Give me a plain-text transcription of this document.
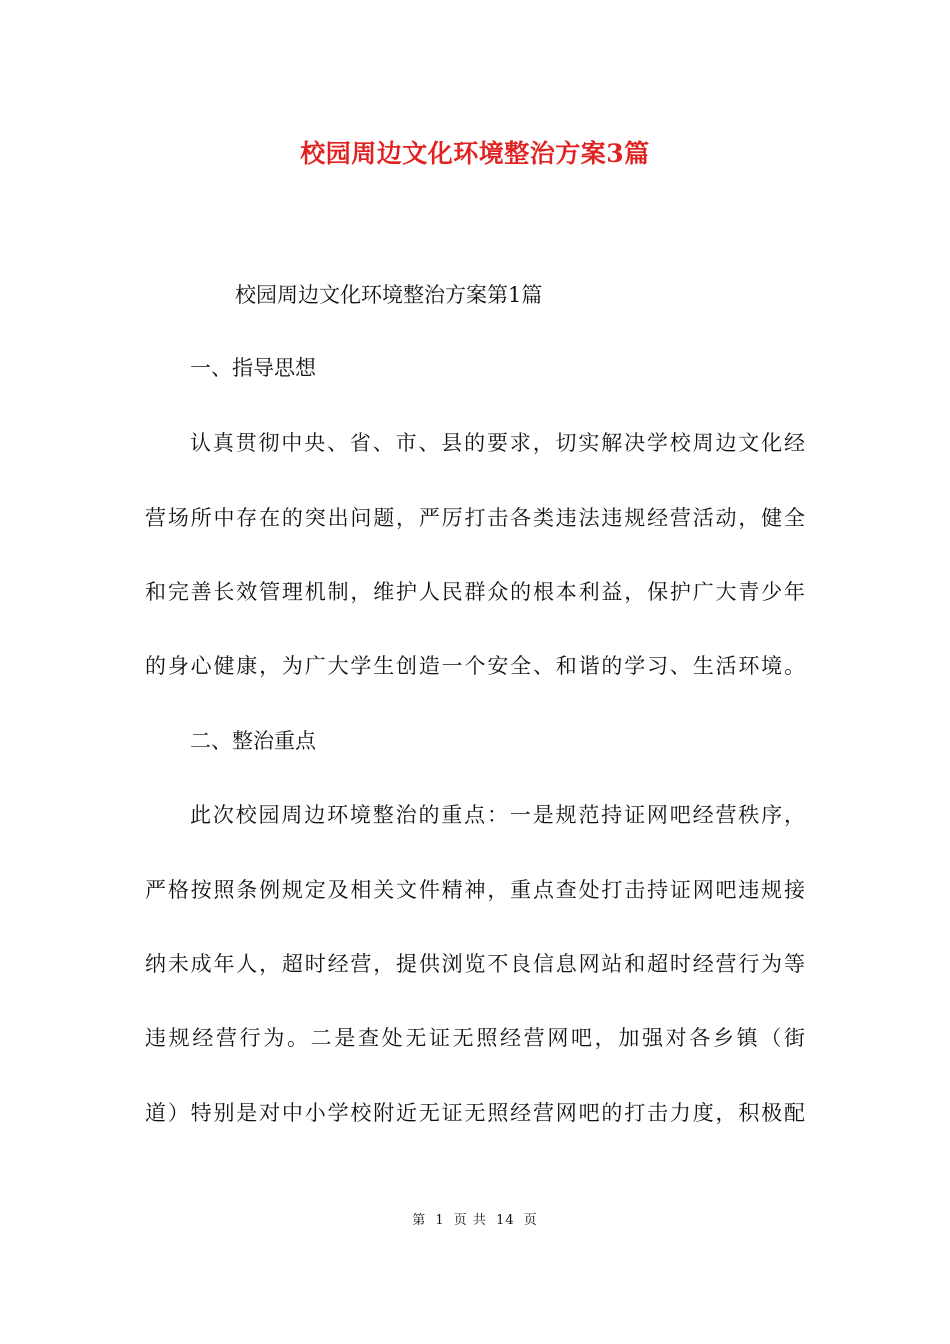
校园周边文化环境整治方案3篇
校园周边文化环境整治方案第1篇
一、指导思想
认真贯彻中央、省、市、县的要求，切实解决学校周边文化经
营场所中存在的突出问题，严厉打击各类违法违规经营活动，健全
和完善长效管理机制，维护人民群众的根本利益，保护广大青少年
的身心健康，为广大学生创造一个安全、和谐的学习、生活环境。
二、整治重点
此次校园周边环境整治的重点：一是规范持证网吧经营秩序，
严格按照条例规定及相关文件精神，重点查处打击持证网吧违规接
纳未成年人，超时经营，提供浏览不良信息网站和超时经营行为等
违规经营行为。二是查处无证无照经营网吧，加强对各乡镇（街
道）特别是对中小学校附近无证无照经营网吧的打击力度，积极配
第 1 页 共 14 页
